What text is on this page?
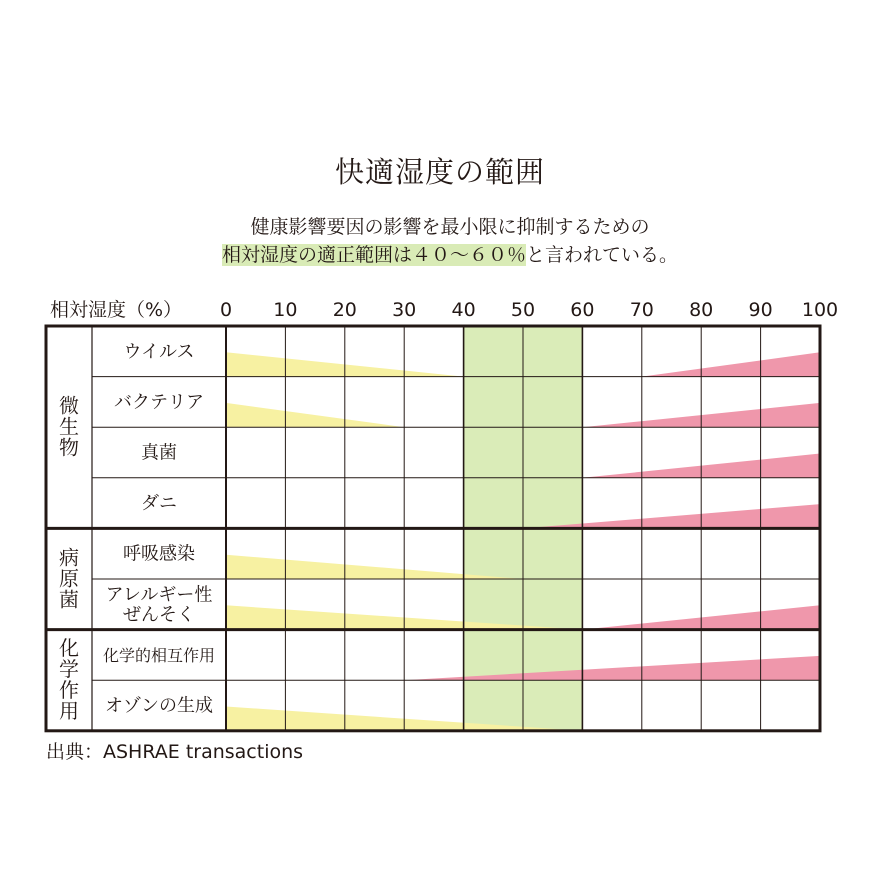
快適湿度の範囲
健康影響要因の影響を最小限に抑制するための
相対湿度の適正範囲は４０～６０％と言われている。
相対湿度（%） 0 10 20 30 40 50 60 70 80 90 100
微
生
物
病
原
菌
化
学
作
用
ウイルス
バクテリア
真菌
ダニ
呼吸感染
アレルギー性
ぜんそく
化学的相互作用
オゾンの生成
出典：ASHRAE transactions
